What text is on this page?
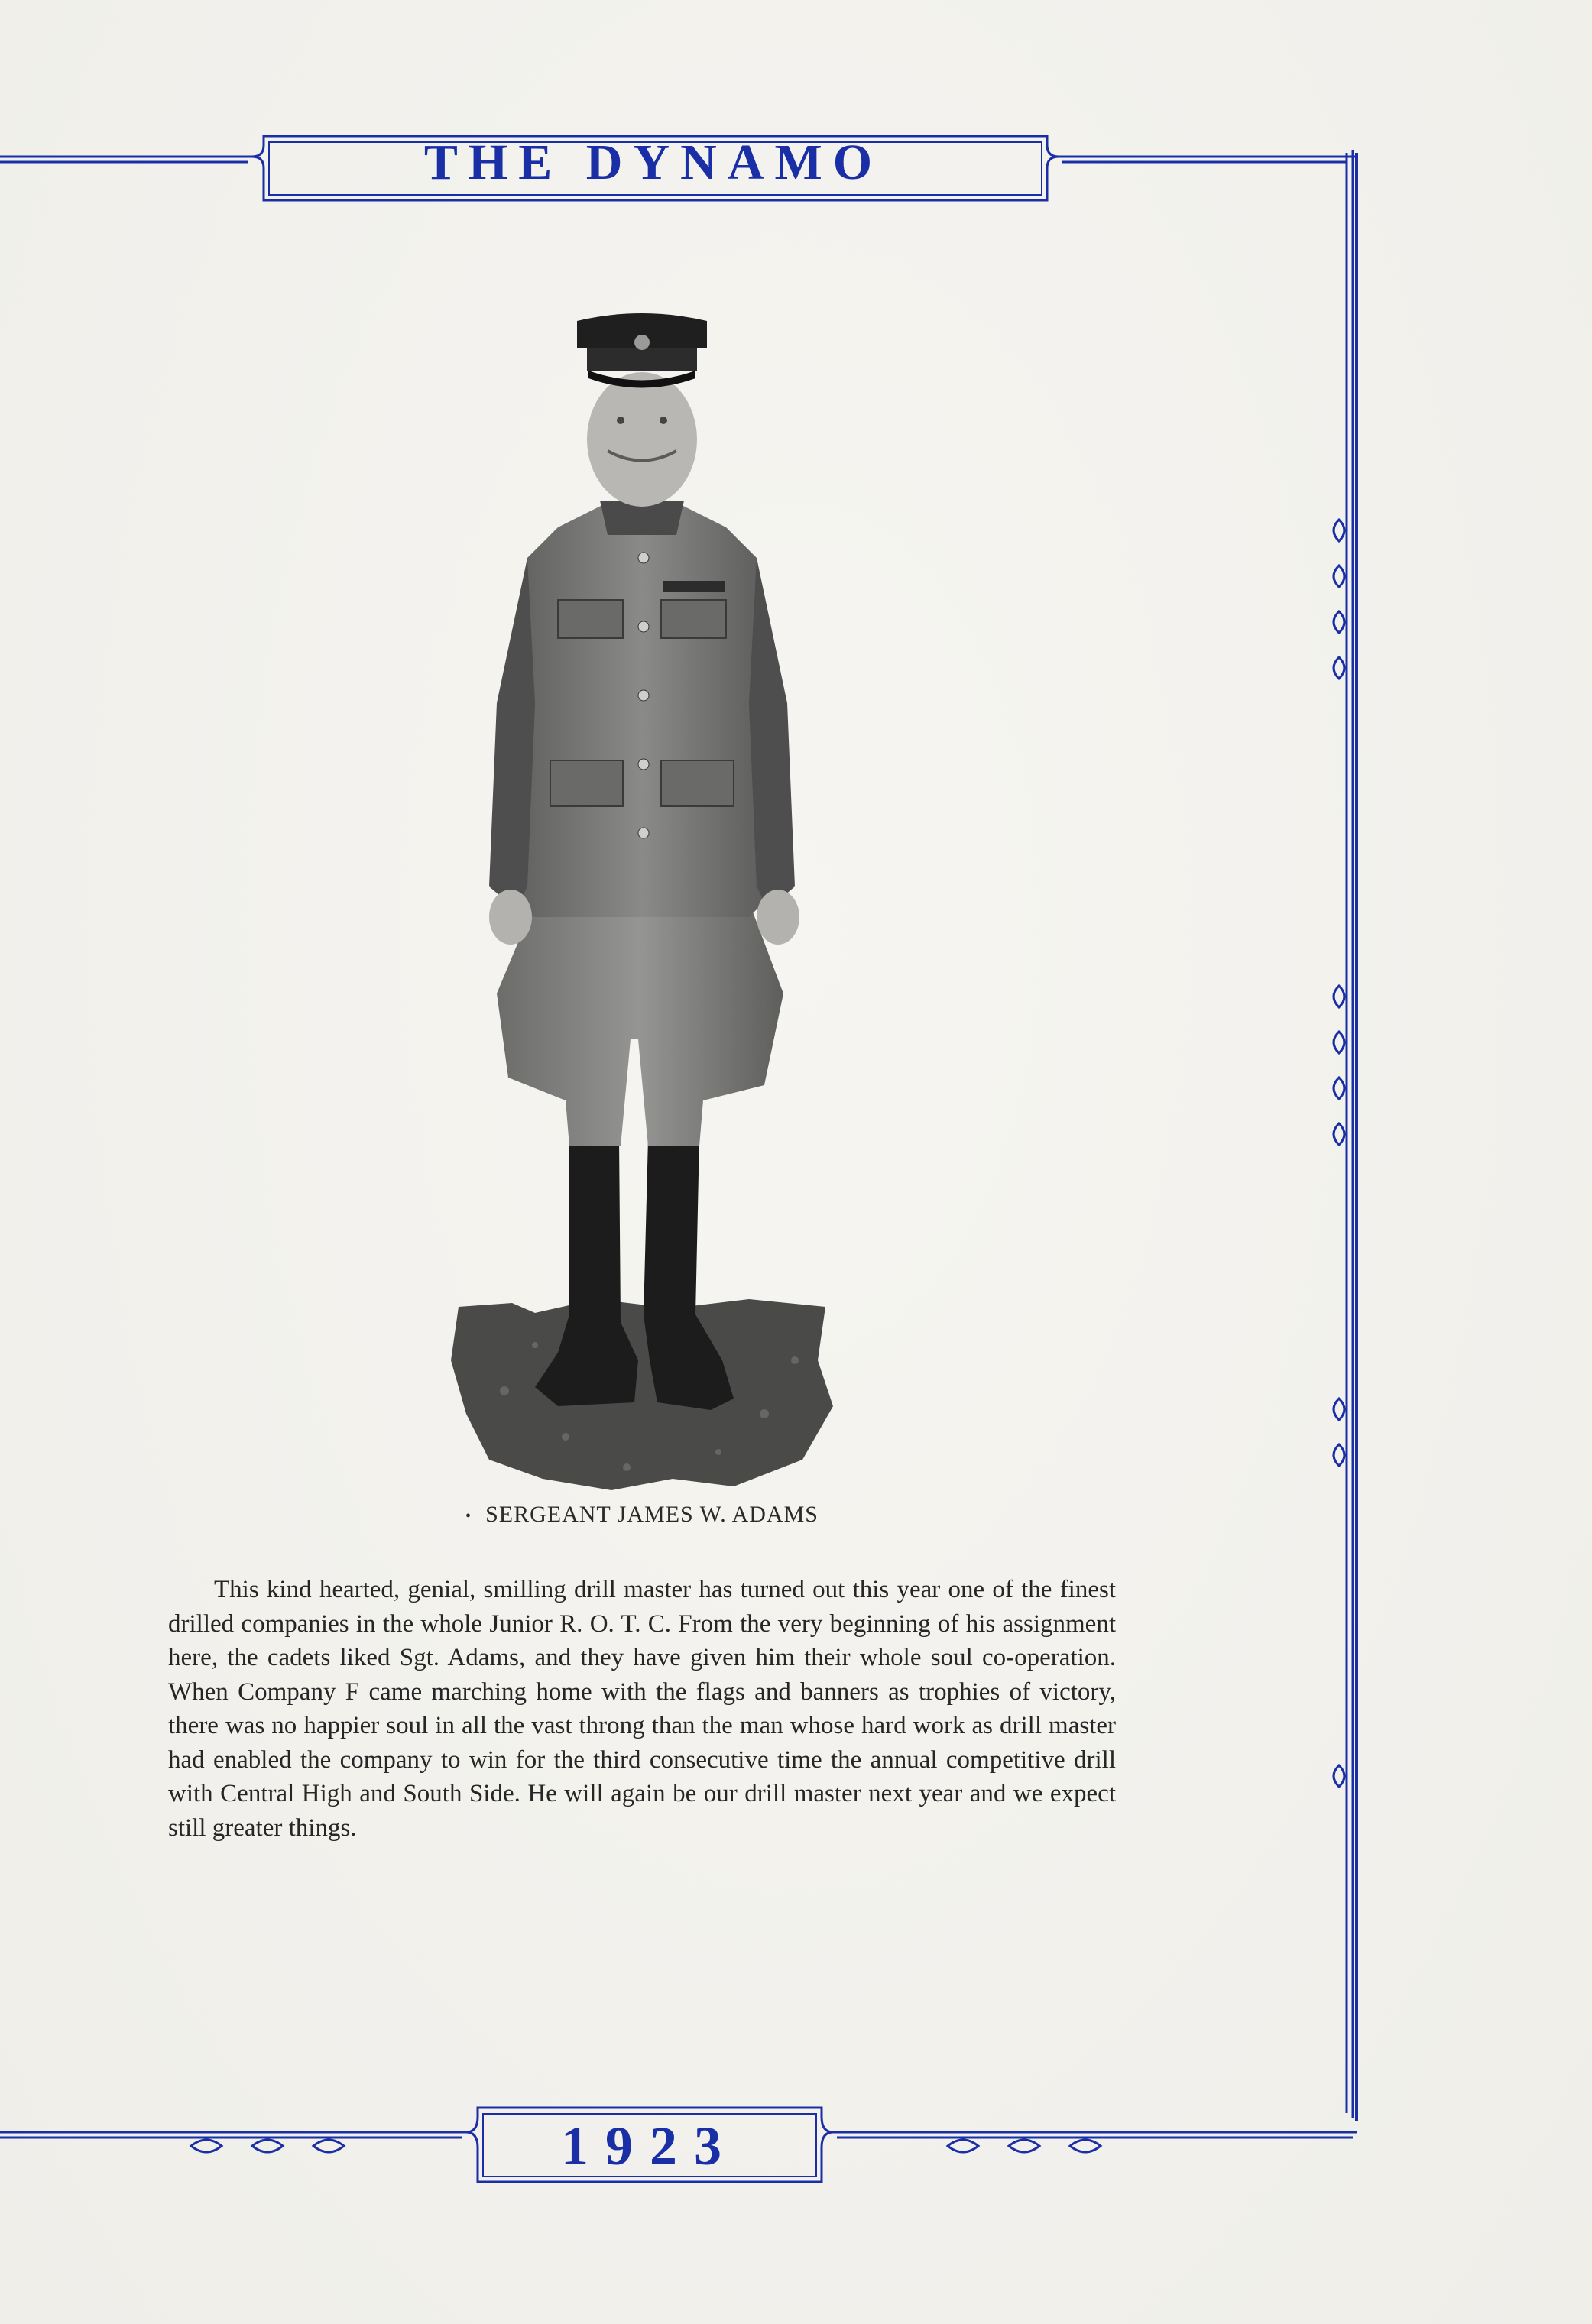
THE DYNAMO
• SERGEANT JAMES W. ADAMS

This kind hearted, genial, smilling drill master has turned out this year one of the finest drilled companies in the whole Junior R. O. T. C. From the very beginning of his assignment here, the cadets liked Sgt. Adams, and they have given him their whole soul co-operation. When Company F came marching home with the flags and banners as trophies of victory, there was no happier soul in all the vast throng than the man whose hard work as drill master had enabled the company to win for the third consecutive time the annual competitive drill with Central High and South Side. He will again be our drill master next year and we expect still greater things.

1923
